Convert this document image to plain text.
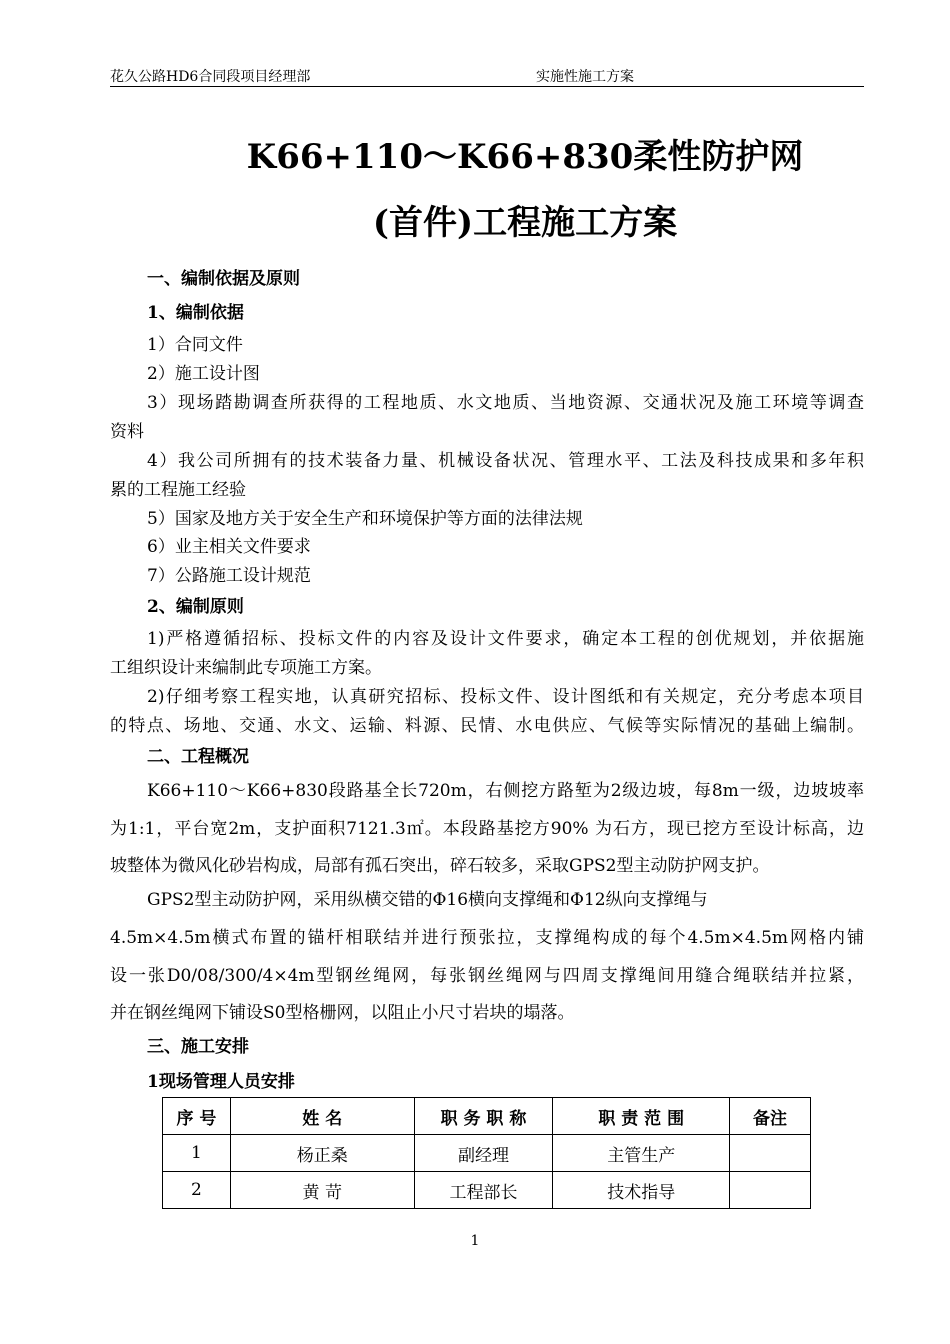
花久公路HD6合同段项目经理部	实施性施工方案
K66+110～K66+830柔性防护网
(首件)工程施工方案
一、编制依据及原则
1、编制依据
1）合同文件
2）施工设计图
3）现场踏勘调查所获得的工程地质、水文地质、当地资源、交通状况及施工环境等调查
资料
4）我公司所拥有的技术装备力量、机械设备状况、管理水平、工法及科技成果和多年积
累的工程施工经验
5）国家及地方关于安全生产和环境保护等方面的法律法规
6）业主相关文件要求
7）公路施工设计规范
2、编制原则
1)严格遵循招标、投标文件的内容及设计文件要求，确定本工程的创优规划，并依据施
工组织设计来编制此专项施工方案。
2)仔细考察工程实地，认真研究招标、投标文件、设计图纸和有关规定，充分考虑本项目
的特点、场地、交通、水文、运输、料源、民情、水电供应、气候等实际情况的基础上编制。
二、工程概况
K66+110～K66+830段路基全长720m，右侧挖方路堑为2级边坡，每8m一级，边坡坡率
为1:1，平台宽2m，支护面积7121.3㎡。本段路基挖方90% 为石方，现已挖方至设计标高，边
坡整体为微风化砂岩构成，局部有孤石突出，碎石较多，采取GPS2型主动防护网支护。
GPS2型主动防护网，采用纵横交错的Φ16横向支撑绳和Φ12纵向支撑绳与
4.5m×4.5m横式布置的锚杆相联结并进行预张拉，支撑绳构成的每个4.5m×4.5m网格内铺
设一张D0/08/300/4×4m型钢丝绳网，每张钢丝绳网与四周支撑绳间用缝合绳联结并拉紧，
并在钢丝绳网下铺设S0型格栅网，以阻止小尺寸岩块的塌落。
三、施工安排
1现场管理人员安排
序 号	姓 名	职 务 职 称	职 责 范 围	备注
1	杨正桑	副经理	主管生产	
2	黄 苛	工程部长	技术指导	
1
